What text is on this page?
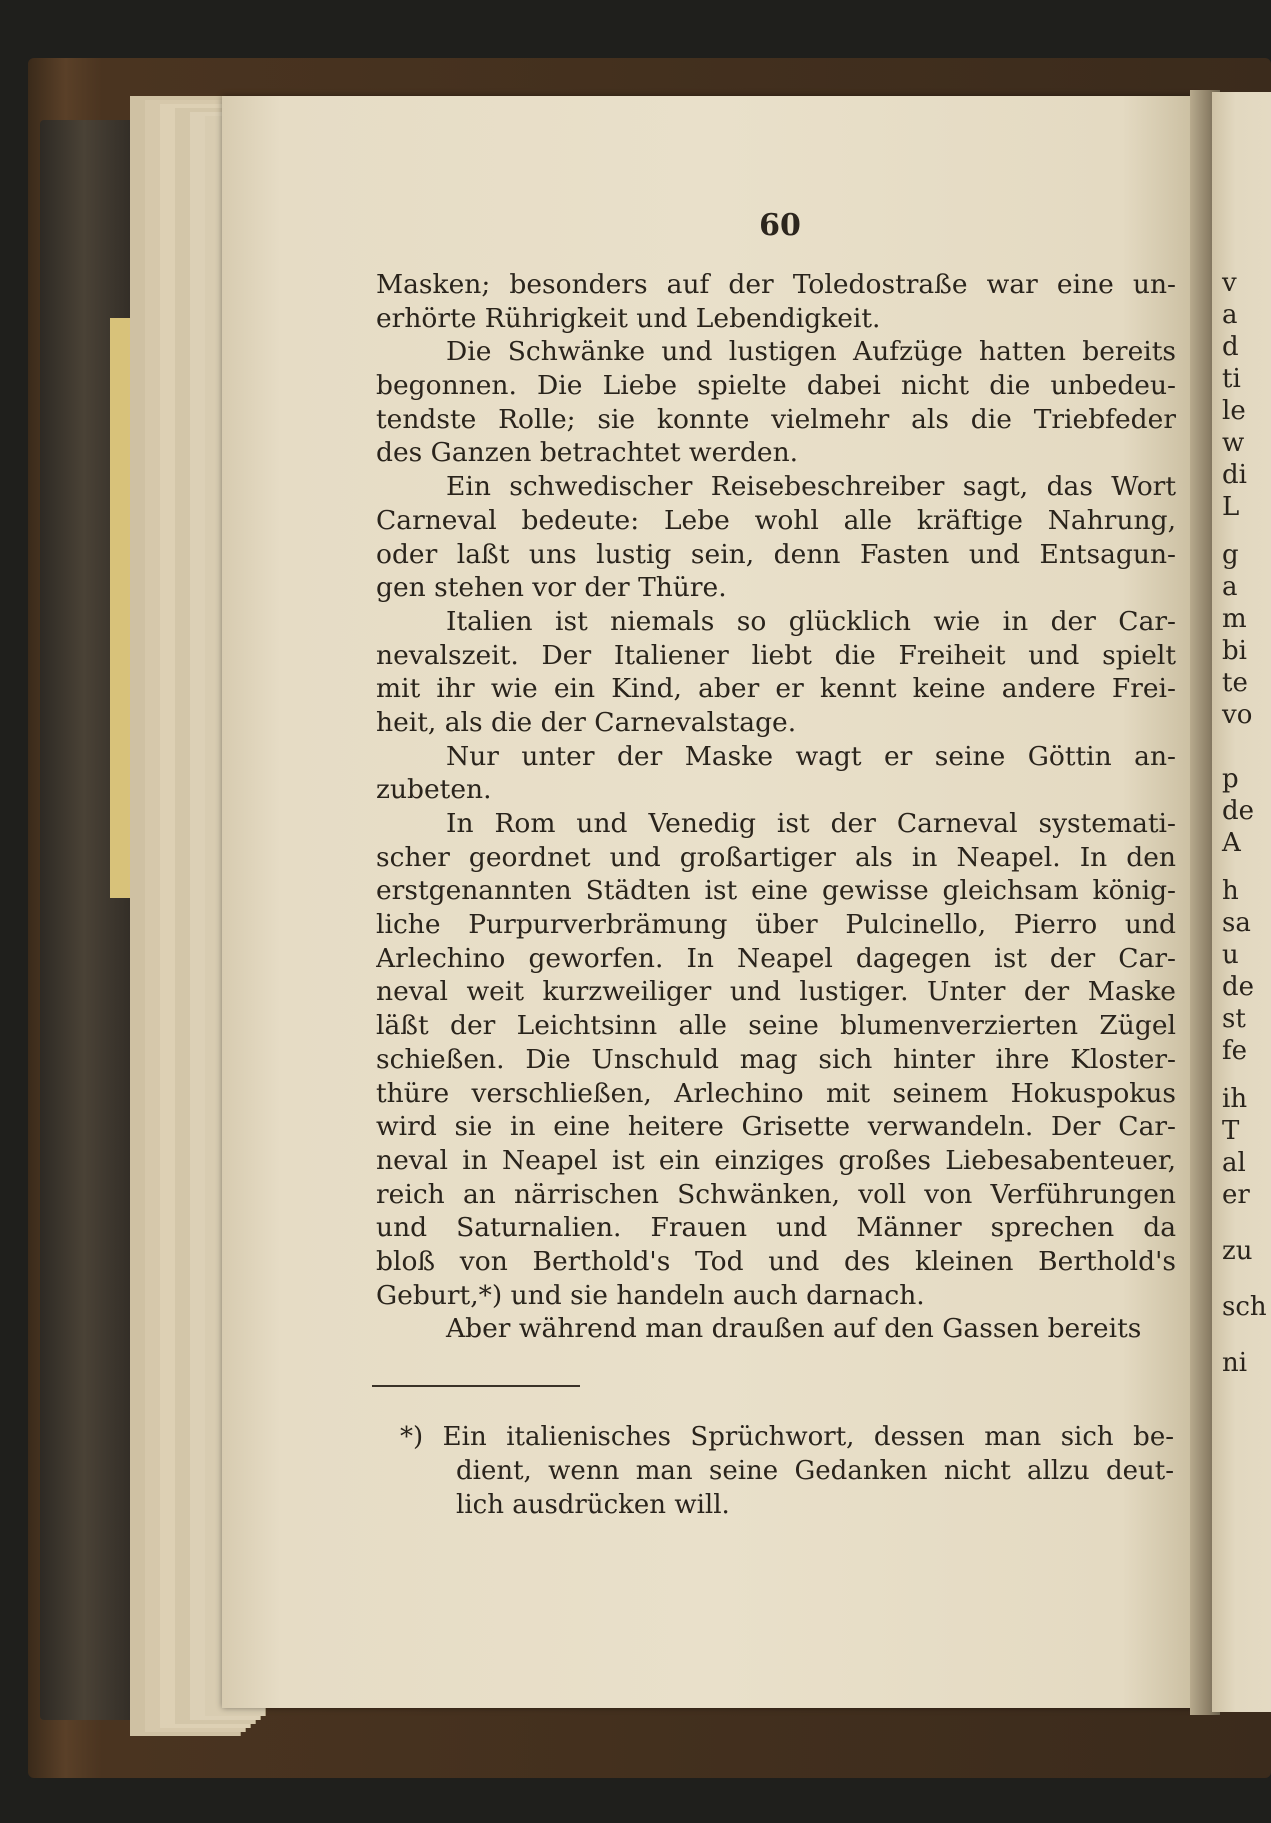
v
a
d
ti
le
w
di
L
g
a
m
bi
te
vo
p
de
A
h
sa
u
de
st
fe
ih
T
al
er
zu
sch
ni
60
Masken; besonders auf der Toledostraße war eine un-
erhörte Rührigkeit und Lebendigkeit.
Die Schwänke und lustigen Aufzüge hatten bereits
begonnen. Die Liebe spielte dabei nicht die unbedeu-
tendste Rolle; sie konnte vielmehr als die Triebfeder
des Ganzen betrachtet werden.
Ein schwedischer Reisebeschreiber sagt, das Wort
Carneval bedeute: Lebe wohl alle kräftige Nahrung,
oder laßt uns lustig sein, denn Fasten und Entsagun-
gen stehen vor der Thüre.
Italien ist niemals so glücklich wie in der Car-
nevalszeit. Der Italiener liebt die Freiheit und spielt
mit ihr wie ein Kind, aber er kennt keine andere Frei-
heit, als die der Carnevalstage.
Nur unter der Maske wagt er seine Göttin an-
zubeten.
In Rom und Venedig ist der Carneval systemati-
scher geordnet und großartiger als in Neapel. In den
erstgenannten Städten ist eine gewisse gleichsam könig-
liche Purpurverbrämung über Pulcinello, Pierro und
Arlechino geworfen. In Neapel dagegen ist der Car-
neval weit kurzweiliger und lustiger. Unter der Maske
läßt der Leichtsinn alle seine blumenverzierten Zügel
schießen. Die Unschuld mag sich hinter ihre Kloster-
thüre verschließen, Arlechino mit seinem Hokuspokus
wird sie in eine heitere Grisette verwandeln. Der Car-
neval in Neapel ist ein einziges großes Liebesabenteuer,
reich an närrischen Schwänken, voll von Verführungen
und Saturnalien. Frauen und Männer sprechen da
bloß von Berthold's Tod und des kleinen Berthold's
Geburt,*) und sie handeln auch darnach.
Aber während man draußen auf den Gassen bereits
*) Ein italienisches Sprüchwort, dessen man sich be-
dient, wenn man seine Gedanken nicht allzu deut-
lich ausdrücken will.
